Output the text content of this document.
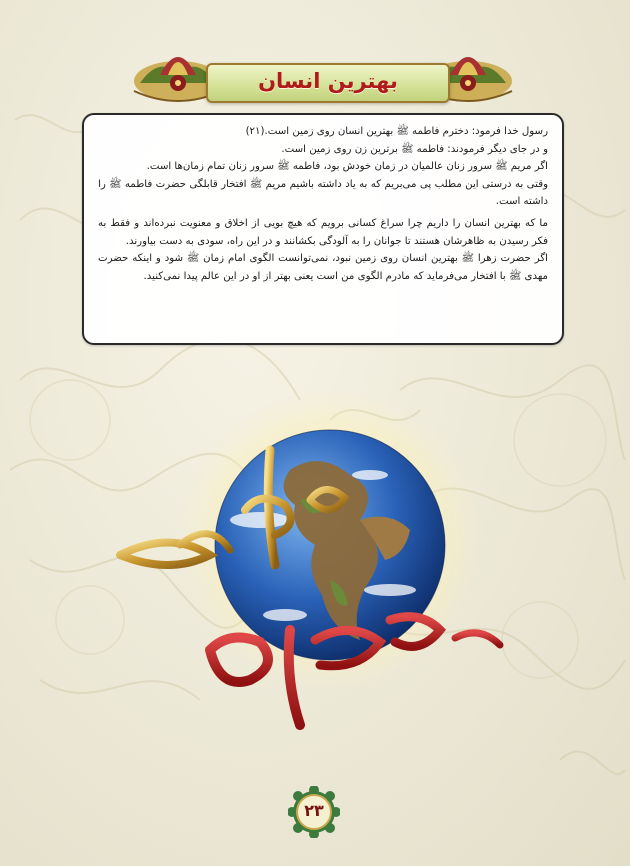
بهترین انسان

رسول خدا فرمود: دخترم فاطمه ﷺ بهترین انسان روی زمین است.(۲۱)

و در جای دیگر فرمودند: فاطمه ﷺ برترین زن روی زمین است.

اگر مریم ﷺ سرور زنان عالمیان در زمان خودش بود، فاطمه ﷺ سرور زنان تمام زمان‌ها است.

وقتی به درستی این مطلب پی می‌بریم که به یاد داشته باشیم مریم ﷺ افتخار قابلگی حضرت فاطمه ﷺ را داشته است.

ما که بهترین انسان را داریم چرا سراغ کسانی برویم که هیچ بویی از اخلاق و معنویت نبرده‌اند و فقط به فکر رسیدن به ظاهرشان هستند تا جوانان را به آلودگی بکشانند و در این راه، سودی به دست بیاورند.

اگر حضرت زهرا ﷺ بهترین انسان روی زمین نبود، نمی‌توانست الگوی امام زمان ﷺ شود و اینکه حضرت مهدی ﷺ با افتخار می‌فرماید که مادرم الگوی من است یعنی بهتر از او در این عالم پیدا نمی‌کنید.

۲۳
